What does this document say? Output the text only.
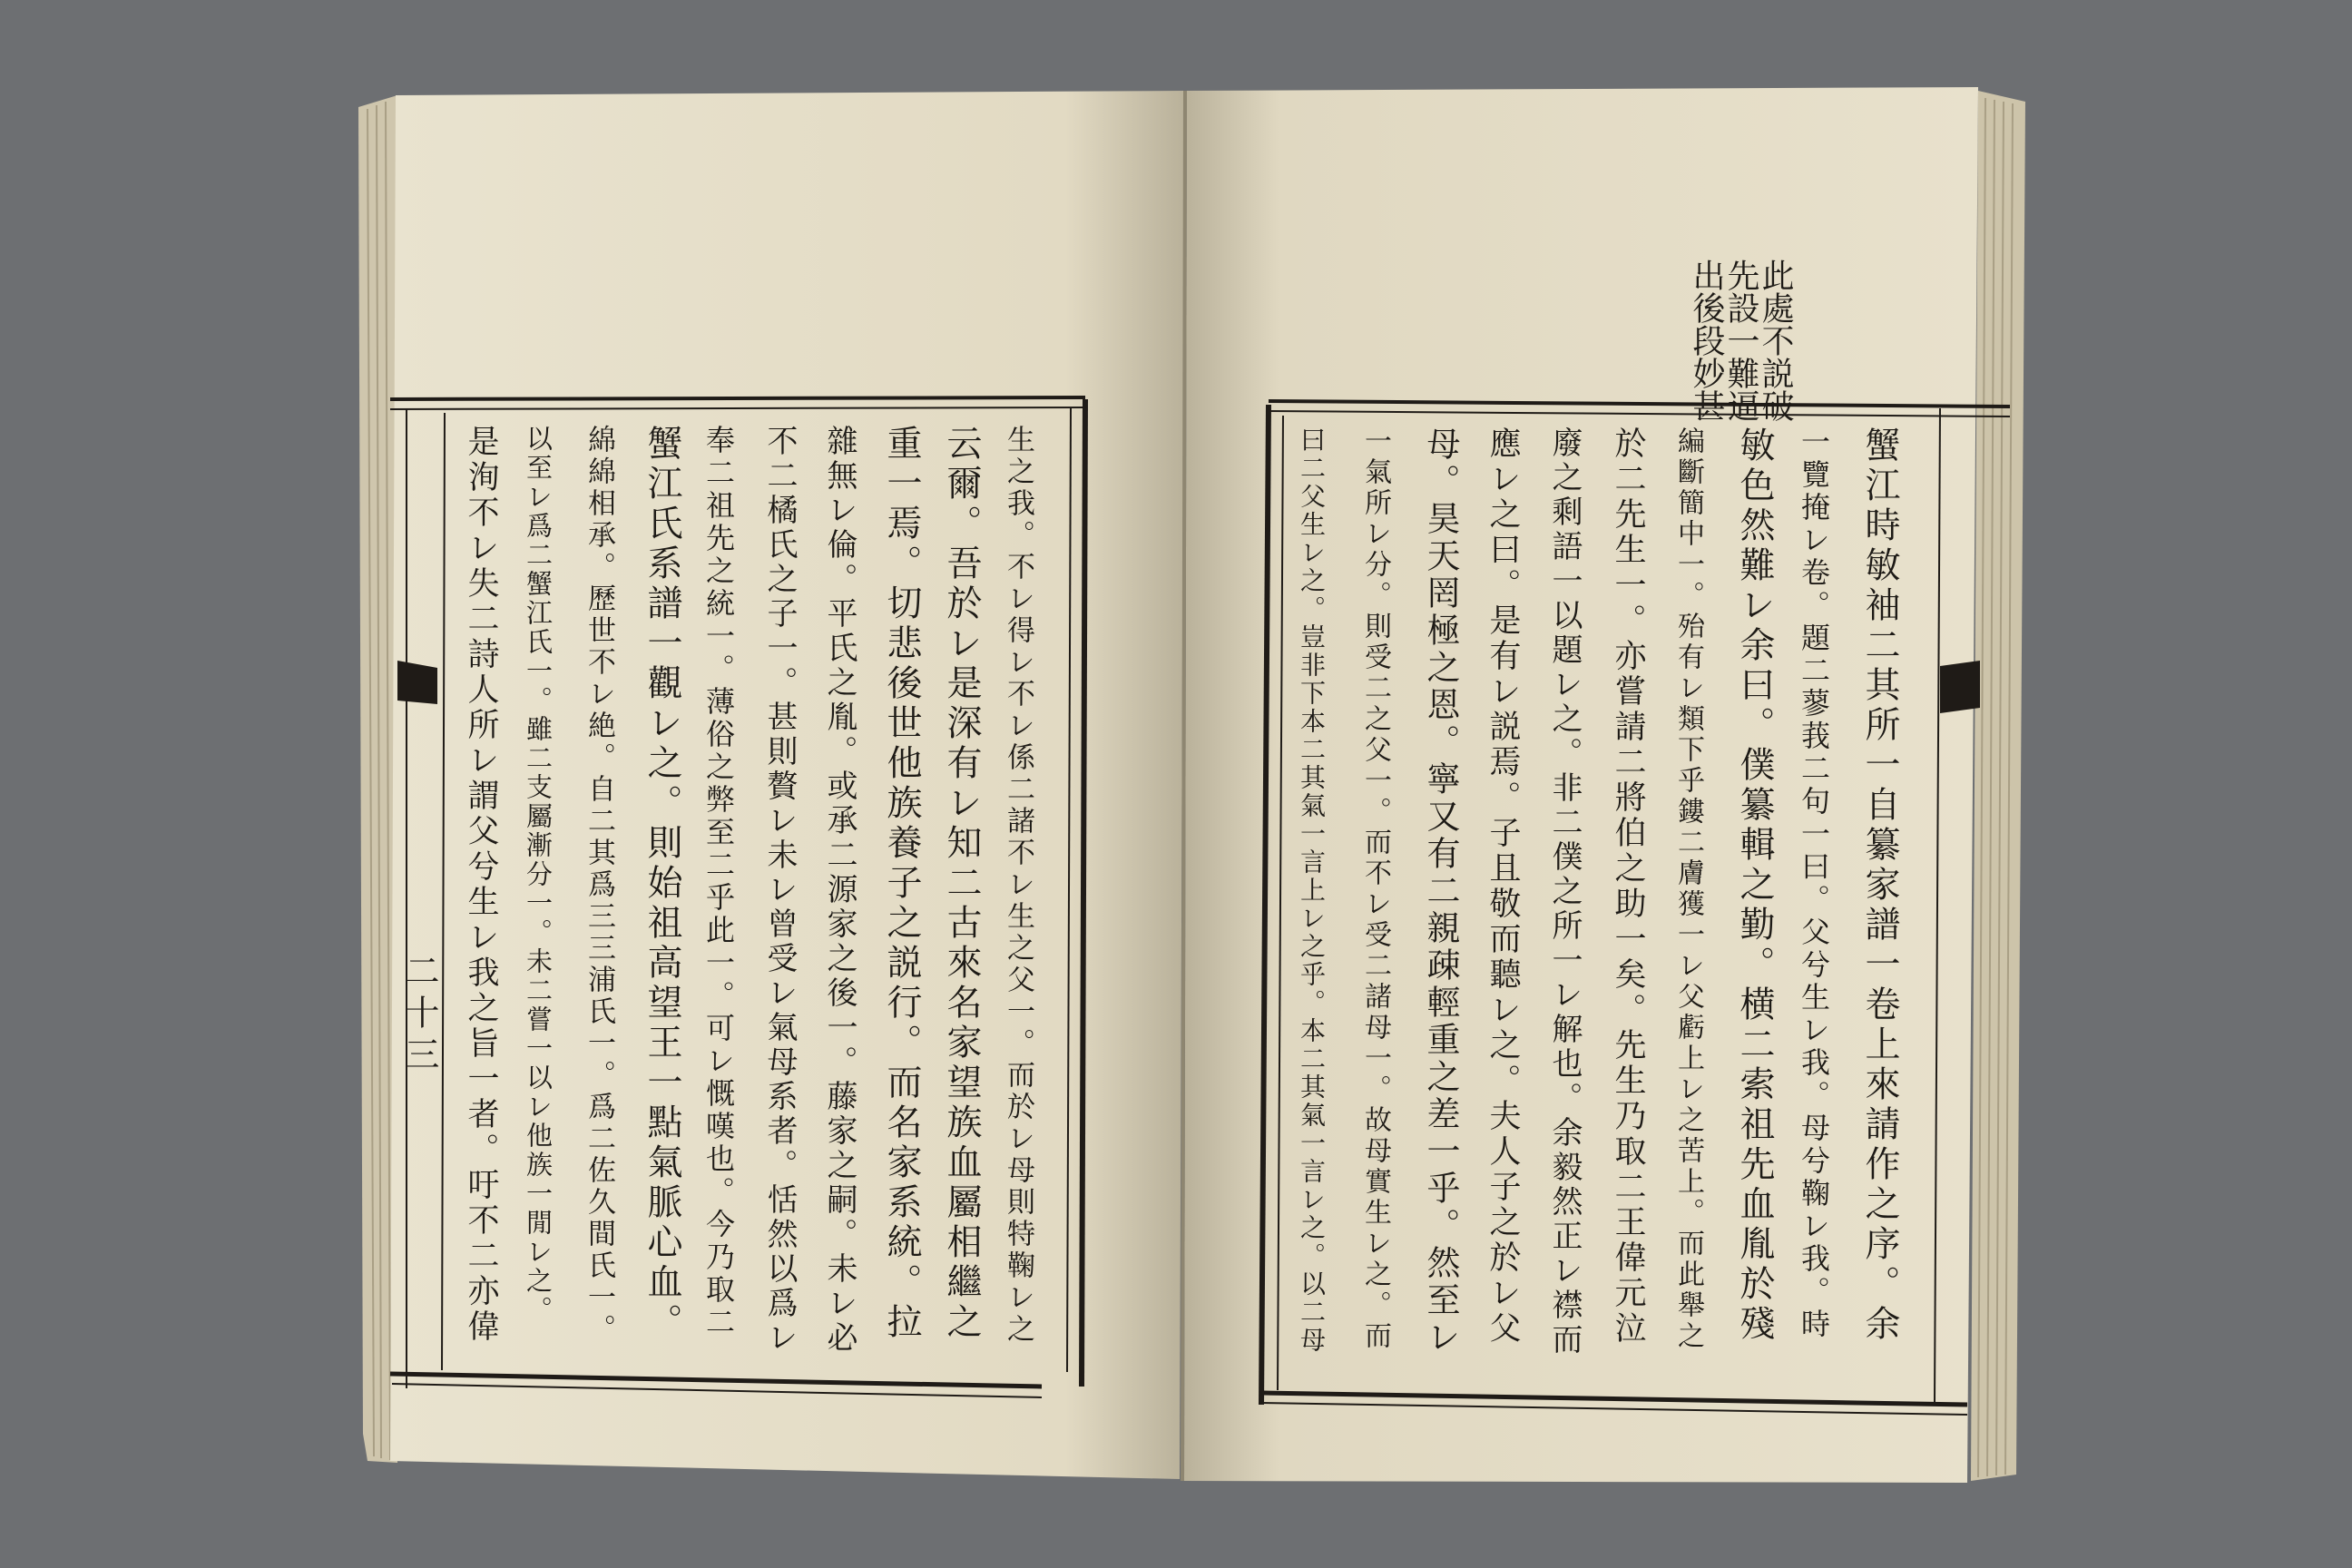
蟹江時敏袖二其所一自纂家譜一卷上來請作之序。余
一覽掩レ卷。題二蓼莪二句一曰。父兮生レ我。母兮鞠レ我。時
敏色然難レ余曰。僕纂輯之勤。横二索祖先血胤於殘
編斷簡中一。殆有レ類下乎鏤二膚獲一レ父虧上レ之苦上。而此舉之
於二先生一。亦嘗請二將伯之助一矣。先生乃取二王偉元泣
廢之剩語一以題レ之。非二僕之所一レ解也。余毅然正レ襟而
應レ之曰。是有レ説焉。子且敬而聽レ之。夫人子之於レ父
母。昊天罔極之恩。寧又有二親疎輕重之差一乎。然至レ
一氣所レ分。則受二之父一。而不レ受二諸母一。故母實生レ之。而
曰二父生レ之。豈非下本二其氣一言上レ之乎。本二其氣一言レ之。以二母
此處不説破
先設一難逼
出後段妙甚
生之我。不レ得レ不レ係二諸不レ生之父一。而於レ母則特鞠レ之
云爾。吾於レ是深有レ知二古來名家望族血屬相繼之
重一焉。切悲後世他族養子之説行。而名家系統。拉
雜無レ倫。平氏之胤。或承二源家之後一。藤家之嗣。未レ必
不二橘氏之子一。甚則贅レ未レ曾受レ氣母系者。恬然以爲レ
奉二祖先之統一。薄俗之弊至二乎此一。可レ慨嘆也。今乃取二
蟹江氏系譜一觀レ之。則始祖高望王一點氣脈心血。
綿綿相承。歷世不レ絶。自二其爲三三浦氏一。爲二佐久間氏一。
以至レ爲二蟹江氏一。雖二支屬漸分一。未二嘗一以レ他族一閒レ之。
是洵不レ失二詩人所レ謂父兮生レ我之旨一者。吁不二亦偉
二十三
